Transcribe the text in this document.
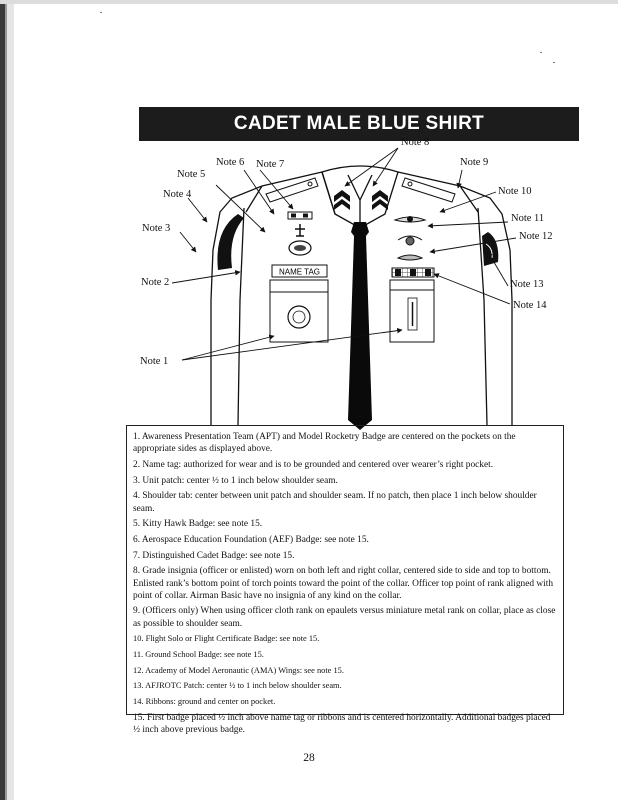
CADET MALE BLUE SHIRT
NAME TAG
Note 8
Note 6 Note 7	Note 9
Note 5
Note 4	Note 10
Note 11
Note 3
Note 12
Note 2	Note 13
Note 14
Note 1
1. Awareness Presentation Team (APT) and Model Rocketry Badge are centered on the pockets on the appropriate sides as displayed above.
2. Name tag: authorized for wear and is to be grounded and centered over wearer’s right pocket.
3. Unit patch: center ½ to 1 inch below shoulder seam.
4. Shoulder tab: center between unit patch and shoulder seam. If no patch, then place 1 inch below shoulder seam.
5. Kitty Hawk Badge: see note 15.
6. Aerospace Education Foundation (AEF) Badge: see note 15.
7. Distinguished Cadet Badge: see note 15.
8. Grade insignia (officer or enlisted) worn on both left and right collar, centered side to side and top to bottom. Enlisted rank’s bottom point of torch points toward the point of the collar. Officer top point of rank aligned with point of collar. Airman Basic have no insignia of any kind on the collar.
9. (Officers only) When using officer cloth rank on epaulets versus miniature metal rank on collar, place as close as possible to shoulder seam.
10. Flight Solo or Flight Certificate Badge: see note 15.
11. Ground School Badge: see note 15.
12. Academy of Model Aeronautic (AMA) Wings: see note 15.
13. AFJROTC Patch: center ½ to 1 inch below shoulder seam.
14. Ribbons: ground and center on pocket.
15. First badge placed ½ inch above name tag or ribbons and is centered horizontally. Additional badges placed ½ inch above previous badge.
28
